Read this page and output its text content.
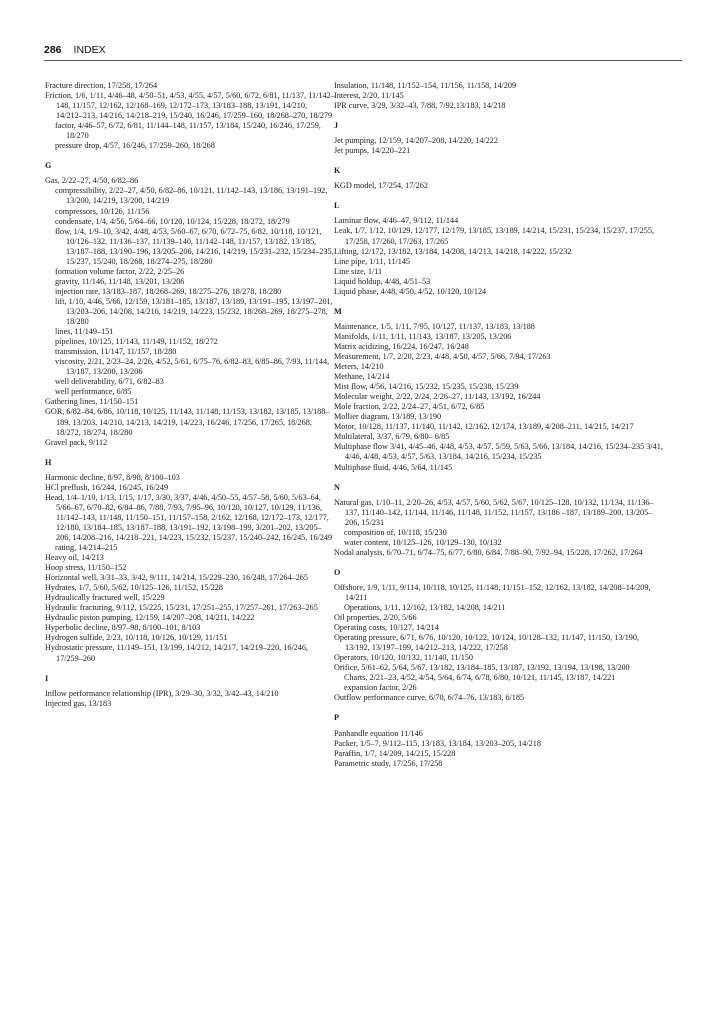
286 INDEX
Fracture direction, 17/258, 17/264
Friction, 1/6, 1/11, 4/46–48, 4/50–51, 4/53, 4/55, 4/57, 5/60, 6/72, 6/81, 11/137, 11/142–148, 11/157, 12/162, 12/168–169, 12/172–173, 13/183–188, 13/191, 14/210, 14/212–213, 14/216, 14/218–219, 15/240, 16/246, 17/259–160, 18/268–270, 18/279
factor, 4/46–57, 6/72, 6/81, 11/144–148, 11/157, 13/184, 15/240, 16/246, 17/259, 18/270
pressure drop, 4/57, 16/246, 17/259–260, 18/268
G
Gas, 2/22–27, 4/50, 6/82–86
compressibility, 2/22–27, 4/50, 6/82–86, 10/121, 11/142–143, 13/186, 13/191–192, 13/200, 14/219, 13/200, 14/219
compressors, 10/126, 11/156
condensate, 1/4, 4/56, 5/64–66, 10/120, 10/124, 15/228, 18/272, 18/279
flow, 1/4, 1/9–10, 3/42, 4/48, 4/53, 5/60–67, 6/70, 6/72–75, 6/82, 10/118, 10/121, 10/126–132, 11/136–137, 11/139–140, 11/142–148, 11/157, 13/182, 13/185, 13/187–188, 13/190–196, 13/205–206, 14/216, 14/219, 15/231–232, 15/234–235, 15/237, 15/240, 18/268, 18/274–275, 18/280
formation volume factor, 2/22, 2/25–26
gravity, 11/146, 11/148, 13/201, 13/206
injection rate, 13/183–187, 18/268–269, 18/275–276, 18/278, 18/280
lift, 1/10, 4/46, 5/66, 12/159, 13/181–185, 13/187, 13/189, 13/191–195, 13/197–201, 13/203–206, 14/208, 14/216, 14/219, 14/223, 15/232, 18/268–269, 18/275–278, 18/280
lines, 11/149–151
pipelines, 10/125, 11/143, 11/149, 11/152, 18/272
transmission, 11/147, 11/157, 18/280
viscosity, 2/21, 2/23–24, 2/26, 4/52, 5/61, 6/75–76, 6/82–83, 6/85–86, 7/93, 11/144, 13/187, 13/200, 13/206
well deliverability, 6/71, 6/82–83
well performance, 6/85
Gathering lines, 11/150–151
GOR, 6/82–84, 6/86, 10/118, 10/125, 11/143, 11/148, 11/153, 13/182, 13/185, 13/188–189, 13/203, 14/210, 14/213, 14/219, 14/223, 16/246, 17/256, 17/265, 18/268, 18/272, 18/274, 18/280
Gravel pack, 9/112
H
Harmonic decline, 8/97, 8/98, 8/100–103
HCl preflush, 16/244, 16/245, 16/249
Head, 1/4–1/10, 1/13, 1/15, 1/17, 3/30, 3/37, 4/46, 4/50–55, 4/57–58, 5/60, 5/63–64, 5/66–67, 6/70–82, 6/84–86, 7/88, 7/93, 7/95–96, 10/120, 10/127, 10/129, 11/136, 11/142–143, 11/148, 11/150–151, 11/157–158, 2/162, 12/168, 12/172–173, 12/177, 12/180, 13/184–185, 13/187–188, 13/191–192, 13/198–199, 3/201–202, 13/205–206, 14/208–216, 14/218–221, 14/223, 15/232, 15/237, 15/240–242, 16/245, 16/249
rating, 14/214–215
Heavy oil, 14/213
Hoop stress, 11/150–152
Horizontal well, 3/31–33, 3/42, 9/111, 14/214, 15/229–230, 16/248, 17/264–265
Hydrates, 1/7, 5/60, 5/62, 10/125–126, 11/152, 15/228
Hydraulically fractured well, 15/229
Hydraulic fracturing, 9/112, 15/225, 15/231, 17/251–255, 17/257–261, 17/263–265
Hydraulic piston pumping, 12/159, 14/207–208, 14/211, 14/222
Hyperbolic decline, 8/97–98, 8/100–101, 8/103
Hydrogen sulfide, 2/23, 10/118, 10/126, 10/129, 11/151
Hydrostatic pressure, 11/149–151, 13/199, 14/212, 14/217, 14/219–220, 16/246, 17/259–260
I
Inflow performance relationship (IPR), 3/29–30, 3/32, 3/42–43, 14/210
Injected gas, 13/183
Insulation, 11/148, 11/152–154, 11/156, 11/158, 14/209
Interest, 2/20, 11/145
IPR curve, 3/29, 3/32–43, 7/88, 7/92,13/183, 14/218
J
Jet pumping, 12/159, 14/207–208, 14/220, 14/222
Jet pumps, 14/220–221
K
KGD model, 17/254, 17/262
L
Laminar flow, 4/46–47, 9/112, 11/144
Leak, 1/7, 1/12, 10/129, 12/177, 12/179, 13/185, 13/189, 14/214, 15/231, 15/234, 15/237, 17/255, 17/258, 17/260, 17/263, 17/265
Lifting, 12/172, 13/182, 13/184, 14/208, 14/213, 14/218, 14/222, 15/232
Line pipe, 1/11, 11/145
Line size, 1/11
Liquid holdup, 4/48, 4/51–53
Liquid phase, 4/48, 4/50, 4/52, 10/120, 10/124
M
Maintenance, 1/5, 1/11, 7/95, 10/127, 11/137, 13/183, 13/188
Manifolds, 1/11, 1/11, 11/143, 13/187, 13/205, 13/206
Matrix acidizing, 16/224, 16/247, 16/248
Measurement, 1/7, 2/20, 2/23, 4/48, 4/50, 4/57, 5/66, 7/94, 17/263
Meters, 14/210
Methane, 14/214
Mist flow, 4/56, 14/216, 15/232, 15/235, 15/238, 15/239
Molecular weight, 2/22, 2/24, 2/26–27, 11/143, 13/192, 16/244
Mole fraction, 2/22, 2/24–27, 4/51, 6/72, 6/85
Mollier diagram, 13/189, 13/190
Motor, 10/128, 11/137, 11/140, 11/142, 12/162, 12/174, 13/189, 4/208–211, 14/215, 14/217
Multilateral, 3/37, 6/79, 6/80– 6/85
Multiphase flow 3/41, 4/45–46, 4/48, 4/53, 4/57, 5/59, 5/63, 5/66, 13/184, 14/216, 15/234–235 3/41, 4/46, 4/48, 4/53, 4/57, 5/63, 13/184, 14/216, 15/234, 15/235
Multiphase fluid, 4/46, 5/64, 11/145
N
Natural gas, 1/10–11, 2/20–26, 4/53, 4/57, 5/60, 5/62, 5/67, 10/125–128, 10/132, 11/134, 11/136–137, 11/140–142, 11/144, 11/146, 11/148, 11/152, 11/157, 13/186 –187, 13/189–200, 13/205–206, 15/231
composition of, 10/118, 15/230
water content, 10/125–126, 10/129–130, 10/132
Nodal analysis, 6/70–71, 6/74–75, 6/77, 6/80, 6/84, 7/88–90, 7/92–94, 15/228, 17/262, 17/264
O
Offshore, 1/9, 1/11, 9/114, 10/118, 10/125, 11/148, 11/151–152, 12/162, 13/182, 14/208–14/209, 14/211
Operations, 1/11, 12/162, 13/182, 14/208, 14/211
Oil properties, 2/20, 5/66
Operating costs, 10/127, 14/214
Operating pressure, 6/71, 6/76, 10/120, 10/122, 10/124, 10/128–132, 11/147, 11/150, 13/190, 13/192, 13/197–199, 14/212–213, 14/222, 17/258
Operators, 10/120, 10/132, 11/140, 11/150
Orifice, 5/61–62, 5/64, 5/67, 13/182, 13/184–185, 13/187, 13/192, 13/194, 13/198, 13/200
Charts, 2/21–23, 4/52, 4/54, 5/64, 6/74, 6/78, 6/80, 10/121, 11/145, 13/187, 14/221
expansion factor, 2/26
Outflow performance curve, 6/70, 6/74–76, 13/183, 6/185
P
Panhandle equation 11/146
Packer, 1/5–7, 9/112–115, 13/183, 13/184, 13/203–205, 14/218
Paraffin, 1/7, 14/209, 14/215, 15/228
Parametric study, 17/256, 17/258
